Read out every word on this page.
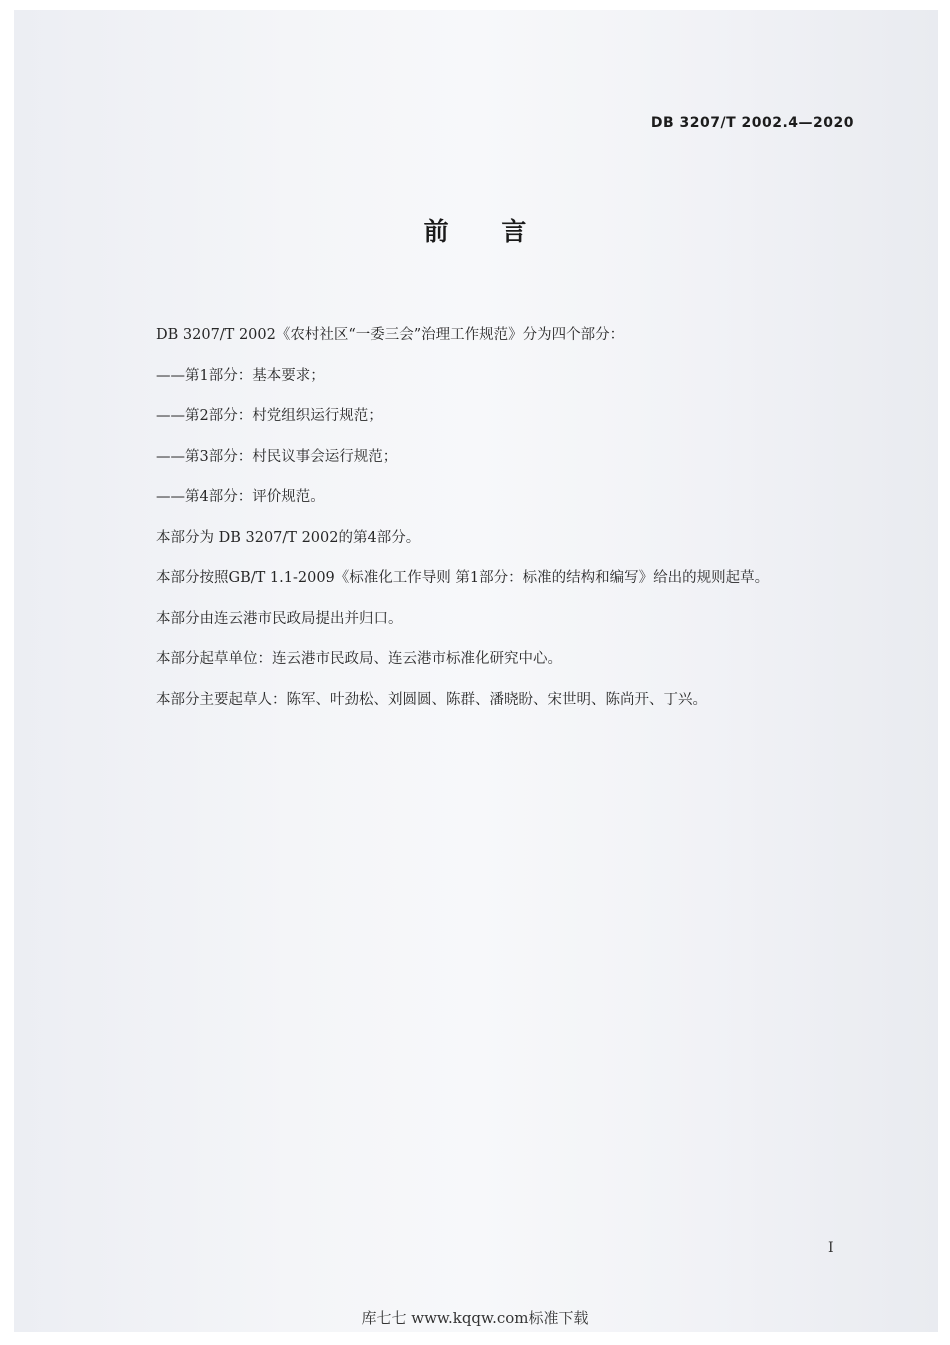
DB 3207/T 2002.4—2020
前 言
DB 3207/T 2002《农村社区“一委三会”治理工作规范》分为四个部分：
——第1部分：基本要求；
——第2部分：村党组织运行规范；
——第3部分：村民议事会运行规范；
——第4部分：评价规范。
本部分为 DB 3207/T 2002的第4部分。
本部分按照GB/T 1.1-2009《标准化工作导则 第1部分：标准的结构和编写》给出的规则起草。
本部分由连云港市民政局提出并归口。
本部分起草单位：连云港市民政局、连云港市标准化研究中心。
本部分主要起草人：陈军、叶劲松、刘圆圆、陈群、潘晓盼、宋世明、陈尚开、丁兴。
I
库七七 www.kqqw.com标准下载
